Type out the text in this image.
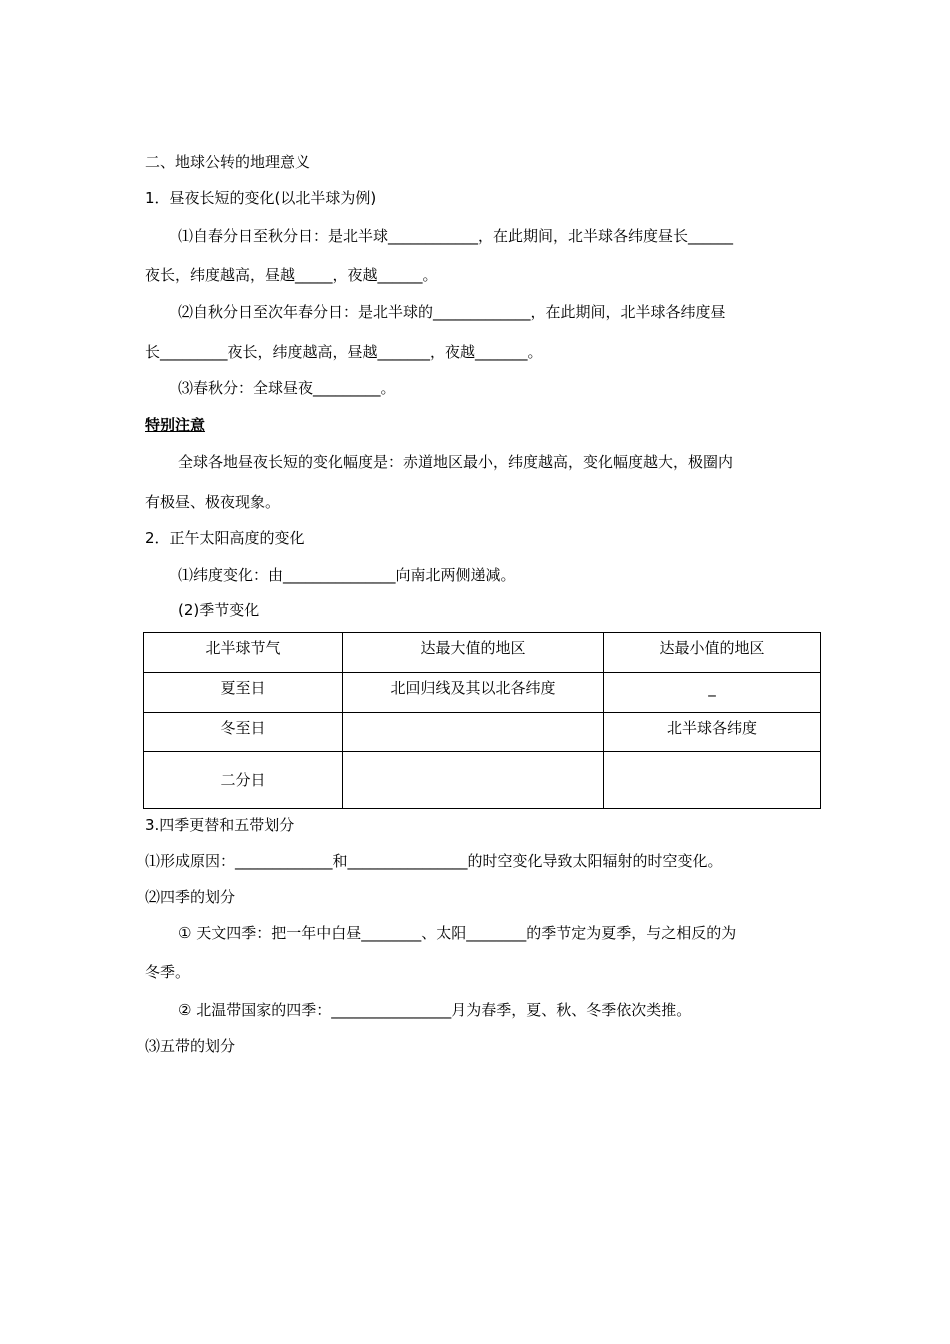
二、地球公转的地理意义
1．昼夜长短的变化(以北半球为例)
⑴自春分日至秋分日：是北半球____________，在此期间，北半球各纬度昼长______
夜长，纬度越高，昼越_____，夜越______。
⑵自秋分日至次年春分日：是北半球的_____________，在此期间，北半球各纬度昼
长_________夜长，纬度越高，昼越_______，夜越_______。
⑶春秋分：全球昼夜_________。
特别注意
全球各地昼夜长短的变化幅度是：赤道地区最小，纬度越高，变化幅度越大，极圈内
有极昼、极夜现象。
2．正午太阳高度的变化
⑴纬度变化：由_______________向南北两侧递减。
(2)季节变化
北半球节气	达最大值的地区	达最小值的地区
夏至日	北回归线及其以北各纬度	_
冬至日		北半球各纬度
二分日		
3.四季更替和五带划分
⑴形成原因：_____________和________________的时空变化导致太阳辐射的时空变化。
⑵四季的划分
① 天文四季：把一年中白昼________、太阳________的季节定为夏季，与之相反的为
冬季。
② 北温带国家的四季：________________月为春季，夏、秋、冬季依次类推。
⑶五带的划分
